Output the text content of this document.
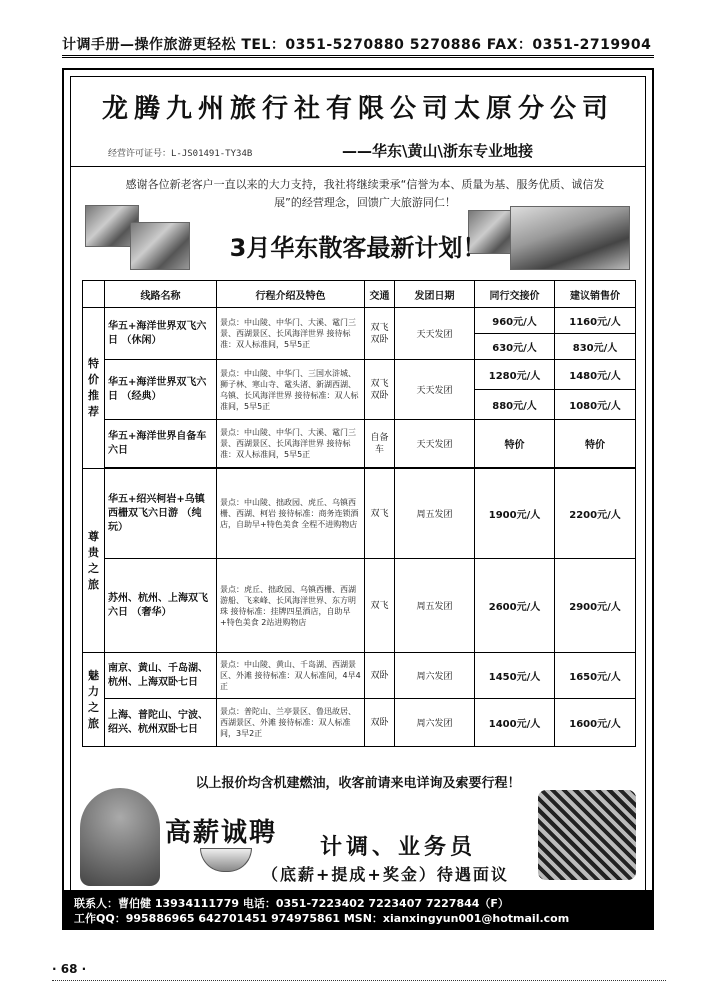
计调手册—操作旅游更轻松 TEL：0351-5270880 5270886 FAX：0351-2719904
龙腾九州旅行社有限公司太原分公司
经营许可证号：L-JS01491-TY34B	——华东\黄山\浙东专业地接
感谢各位新老客户一直以来的大力支持，我社将继续秉承“信誉为本、质量为基、服务优质、诚信发展”的经营理念，回馈广大旅游同仁！
3月华东散客最新计划！
	线路名称	行程介绍及特色	交通	发团日期	同行交接价	建议销售价
特价推荐	华五+海洋世界双飞六日 （休闲）	景点：中山陵、中华门、大溪、鼋门三景、西湖景区、长风海洋世界 接待标准：双人标准间，5早5正	双飞双卧	天天发团	960元/人	1160元/人
					630元/人	830元/人
	华五+海洋世界双飞六日 （经典）	景点：中山陵、中华门、三国水浒城、狮子林、寒山寺、鼋头渚、新湖西湖、乌镇、长风海洋世界 接待标准：双人标准间，5早5正	双飞双卧	天天发团	1280元/人	1480元/人
					880元/人	1080元/人
	华五+海洋世界自备车六日	景点：中山陵、中华门、大溪、鼋门三景、西湖景区、长风海洋世界 接待标准：双人标准间，5早5正	自备车	天天发团	特价	特价

尊贵之旅	华五+绍兴柯岩+乌镇西栅双飞六日游 （纯玩）	景点：中山陵、拙政园、虎丘、乌镇西栅、西湖、柯岩 接待标准：商务连锁酒店，自助早+特色美食 全程不进购物店	双飞	周五发团	1900元/人	2200元/人
	苏州、杭州、上海双飞六日 （奢华）	景点：虎丘、拙政园、乌镇西栅、西湖游船、飞来峰、长风海洋世界、东方明珠 接待标准：挂牌四星酒店，自助早+特色美食 2站进购物店	双飞	周五发团	2600元/人	2900元/人
魅力之旅	南京、黄山、千岛湖、杭州、上海双卧七日	景点：中山陵、黄山、千岛湖、西湖景区、外滩 接待标准：双人标准间，4早4正	双卧	周六发团	1450元/人	1650元/人
	上海、普陀山、宁波、绍兴、杭州双卧七日	景点：普陀山、兰亭景区、鲁迅故居、西湖景区、外滩 接待标准：双人标准间，3早2正	双卧	周六发团	1400元/人	1600元/人
以上报价均含机建燃油，收客前请来电详询及索要行程！
高薪诚聘 计调、业务员
（底薪+提成+奖金）待遇面议
联系人：曹伯健 13934111779 电话：0351-7223402 7223407 7227844（F）
工作QQ：995886965 642701451 974975861 MSN：xianxingyun001@hotmail.com
· 68 ·
